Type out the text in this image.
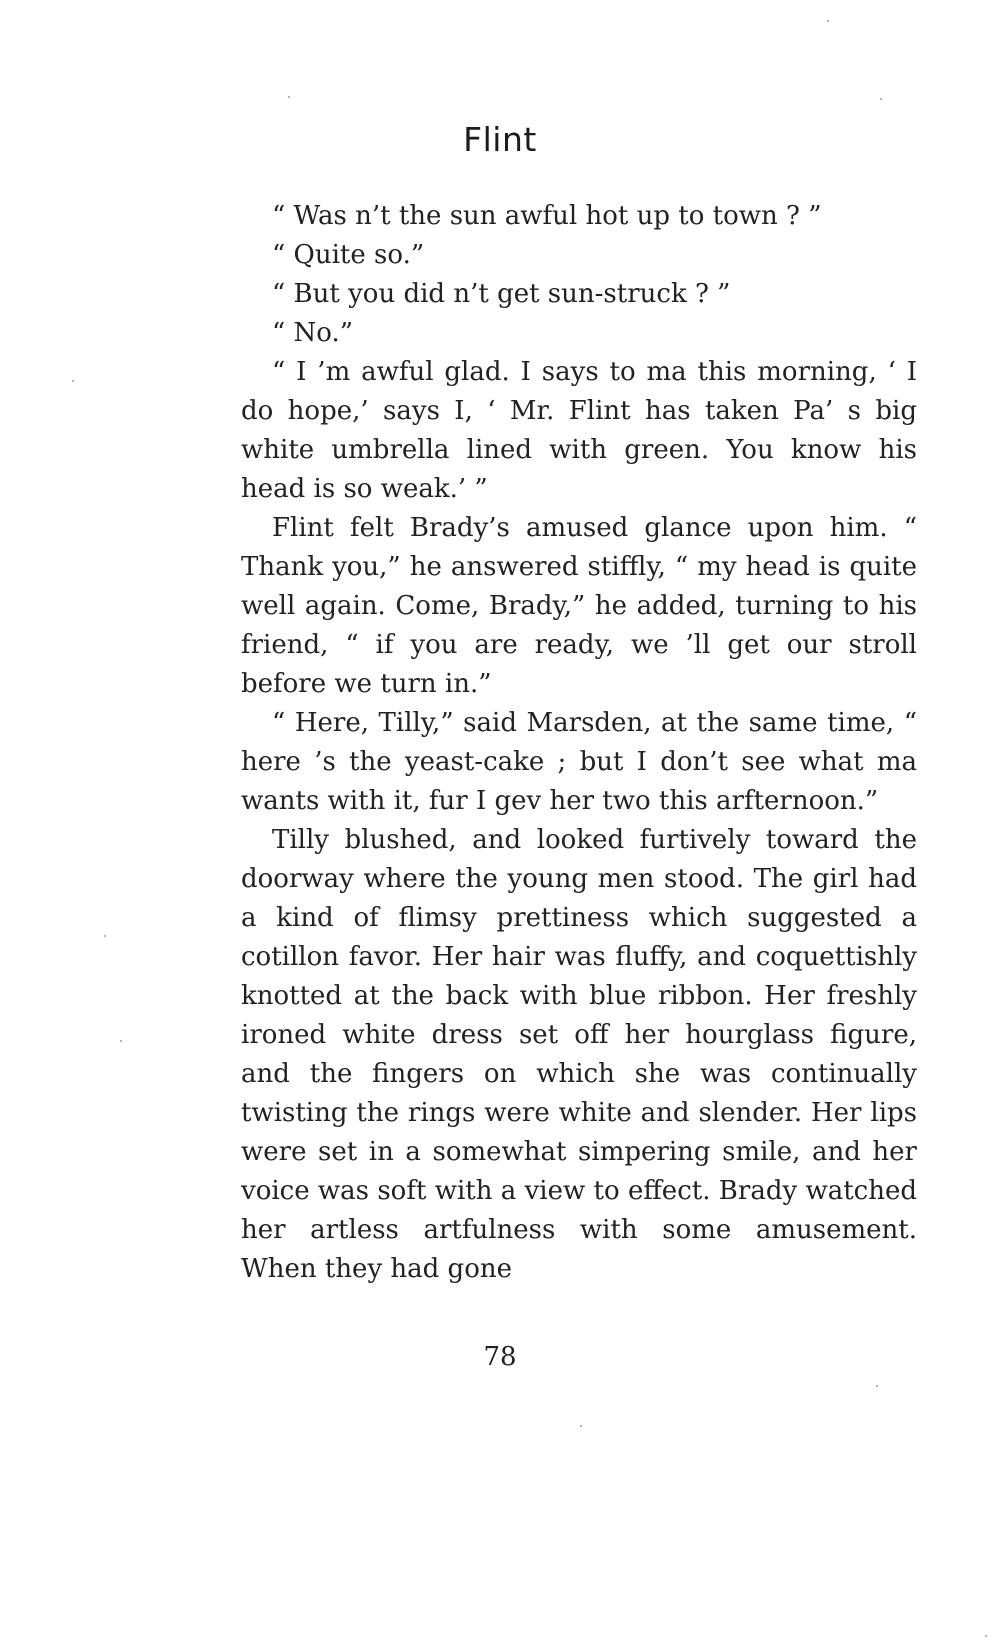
Flint

“ Was n’t the sun awful hot up to town ? ”

“ Quite so.”

“ But you did n’t get sun-struck ? ”

“ No.”

“ I ’m awful glad. I says to ma this morning, ‘ I do hope,’ says I, ‘ Mr. Flint has taken Pa’ s big white umbrella lined with green. You know his head is so weak.’ ”

Flint felt Brady’s amused glance upon him. “ Thank you,” he answered stiffly, “ my head is quite well again. Come, Brady,” he added, turning to his friend, “ if you are ready, we ’ll get our stroll before we turn in.”

“ Here, Tilly,” said Marsden, at the same time, “ here ’s the yeast-cake ; but I don’t see what ma wants with it, fur I gev her two this arfternoon.”

Tilly blushed, and looked furtively toward the doorway where the young men stood. The girl had a kind of flimsy prettiness which suggested a cotillon favor. Her hair was fluffy, and coquettishly knotted at the back with blue ribbon. Her freshly ironed white dress set off her hourglass figure, and the fingers on which she was continually twisting the rings were white and slender. Her lips were set in a somewhat simpering smile, and her voice was soft with a view to effect. Brady watched her artless artfulness with some amusement. When they had gone

78
